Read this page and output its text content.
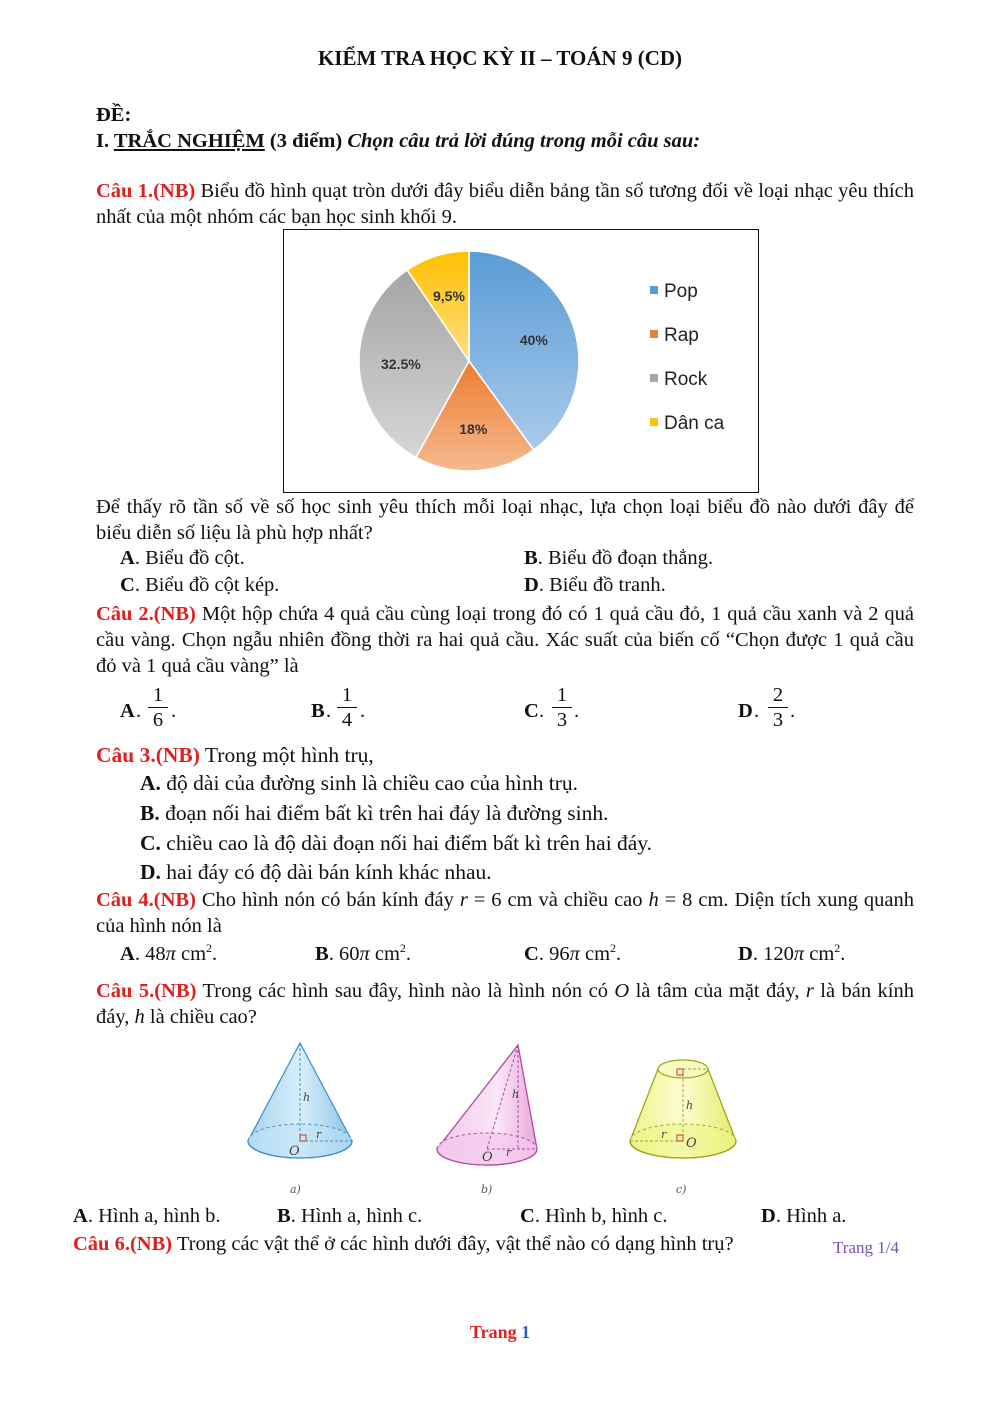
KIỂM TRA HỌC KỲ II – TOÁN 9 (CD)
ĐỀ:
I. TRẮC NGHIỆM (3 điểm) Chọn câu trả lời đúng trong mỗi câu sau:
Câu 1.(NB) Biểu đồ hình quạt tròn dưới đây biểu diễn bảng tần số tương đối về loại nhạc yêu thích nhất của một nhóm các bạn học sinh khối 9.
40%
18%
32.5%
9,5%	Pop
Rap
Rock
Dân ca
Để thấy rõ tần số về số học sinh yêu thích mỗi loại nhạc, lựa chọn loại biểu đồ nào dưới đây để biểu diễn số liệu là phù hợp nhất?
A. Biểu đồ cột.	B. Biểu đồ đoạn thẳng.
C. Biểu đồ cột kép.	D. Biểu đồ tranh.
Câu 2.(NB) Một hộp chứa 4 quả cầu cùng loại trong đó có 1 quả cầu đỏ, 1 quả cầu xanh và 2 quả cầu vàng. Chọn ngẫu nhiên đồng thời ra hai quả cầu. Xác suất của biến cố “Chọn được 1 quả cầu đỏ và 1 quả cầu vàng” là
A . $\frac{1}{6}$ .	B . $\frac{1}{4}$ .	C . $\frac{1}{3}$ .	D . $\frac{2}{3}$ .
Câu 3.(NB) Trong một hình trụ,
A. độ dài của đường sinh là chiều cao của hình trụ.
B. đoạn nối hai điểm bất kì trên hai đáy là đường sinh.
C. chiều cao là độ dài đoạn nối hai điểm bất kì trên hai đáy.
D. hai đáy có độ dài bán kính khác nhau.
Câu 4.(NB) Cho hình nón có bán kính đáy r = 6 cm và chiều cao h = 8 cm. Diện tích xung quanh của hình nón là
A. 48π $cm^2$.	B. 60π $cm^2$.	C. 96π $cm^2$.	D. 120π $cm^2$.
Câu 5.(NB) Trong các hình sau đây, hình nào là hình nón có O là tâm của mặt đáy, r là bán kính đáy, h là chiều cao?
h
r
O
a)
h
r
O
b)
h
r
O
c)
A. Hình a, hình b.	B. Hình a, hình c.	C. Hình b, hình c.	D. Hình a.
Câu 6.(NB) Trong các vật thể ở các hình dưới đây, vật thể nào có dạng hình trụ?	Trang 1/4
Trang 1
